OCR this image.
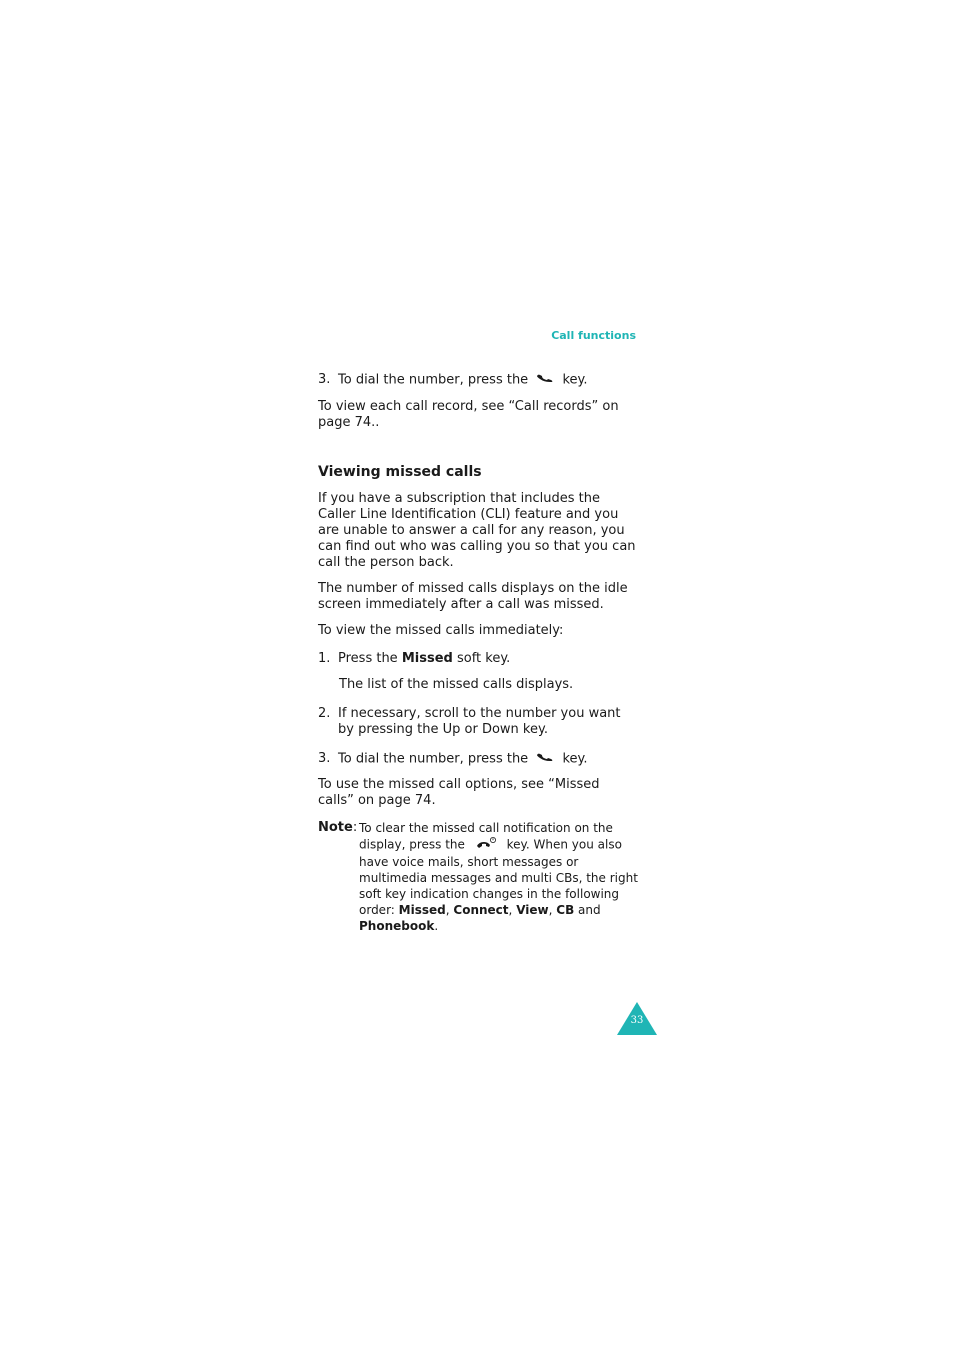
Call functions
3. To dial the number, press the	key.

To view each call record, see “Call records” on page 74..

Viewing missed calls

If you have a subscription that includes the Caller Line Identification (CLI) feature and you are unable to answer a call for any reason, you can find out who was calling you so that you can call the person back.

The number of missed calls displays on the idle screen immediately after a call was missed.

To view the missed calls immediately:

1. Press the Missed soft key.

The list of the missed calls displays.

2. If necessary, scroll to the number you want by pressing the Up or Down key.
3. To dial the number, press the	key.

To use the missed call options, see “Missed calls” on page 74.

Note: To clear the missed call notification on the display, press the	key. When you also have voice mails, short messages or multimedia messages and multi CBs, the right soft key indication changes in the following order: Missed, Connect, View, CB and Phonebook.
33
